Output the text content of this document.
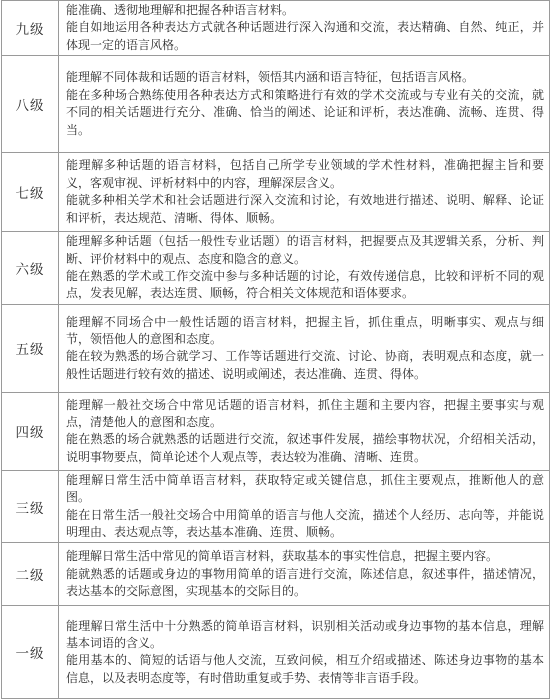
九级	能准确、透彻地理解和把握各种语言材料。
能自如地运用各种表达方式就各种话题进行深入沟通和交流，表达精确、自然、纯正，并体现一定的语言风格。

八级	能理解不同体裁和话题的语言材料，领悟其内涵和语言特征，包括语言风格。
能在多种场合熟练使用各种表达方式和策略进行有效的学术交流或与专业有关的交流，就不同的相关话题进行充分、准确、恰当的阐述、论证和评析，表达准确、流畅、连贯、得当。

七级	能理解多种话题的语言材料，包括自己所学专业领域的学术性材料，准确把握主旨和要义，客观审视、评析材料中的内容，理解深层含义。
能就多种相关学术和社会话题进行深入交流和讨论，有效地进行描述、说明、解释、论证和评析，表达规范、清晰、得体、顺畅。

六级	能理解多种话题（包括一般性专业话题）的语言材料，把握要点及其逻辑关系，分析、判断、评价材料中的观点、态度和隐含的意义。
能在熟悉的学术或工作交流中参与多种话题的讨论，有效传递信息，比较和评析不同的观点，发表见解，表达连贯、顺畅，符合相关文体规范和语体要求。

五级	能理解不同场合中一般性话题的语言材料，把握主旨，抓住重点，明晰事实、观点与细节，领悟他人的意图和态度。
能在较为熟悉的场合就学习、工作等话题进行交流、讨论、协商，表明观点和态度，就一般性话题进行较有效的描述、说明或阐述，表达准确、连贯、得体。

四级	能理解一般社交场合中常见话题的语言材料，抓住主题和主要内容，把握主要事实与观点，清楚他人的意图和态度。
能在熟悉的场合就熟悉的话题进行交流，叙述事件发展，描绘事物状况，介绍相关活动，说明事物要点，简单论述个人观点等，表达较为准确、清晰、连贯。

三级	能理解日常生活中简单语言材料，获取特定或关键信息，抓住主要观点，推断他人的意图。
能在日常生活一般社交场合中用简单的语言与他人交流，描述个人经历、志向等，并能说明理由、表达观点等，表达基本准确、连贯、顺畅。

二级	能理解日常生活中常见的简单语言材料，获取基本的事实性信息，把握主要内容。
能就熟悉的话题或身边的事物用简单的语言进行交流，陈述信息，叙述事件，描述情况，表达基本的交际意图，实现基本的交际目的。

一级	能理解日常生活中十分熟悉的简单语言材料，识别相关活动或身边事物的基本信息，理解基本词语的含义。
能用基本的、简短的话语与他人交流，互致问候，相互介绍或描述、陈述身边事物的基本信息，以及表明态度等，有时借助重复或手势、表情等非言语手段。
